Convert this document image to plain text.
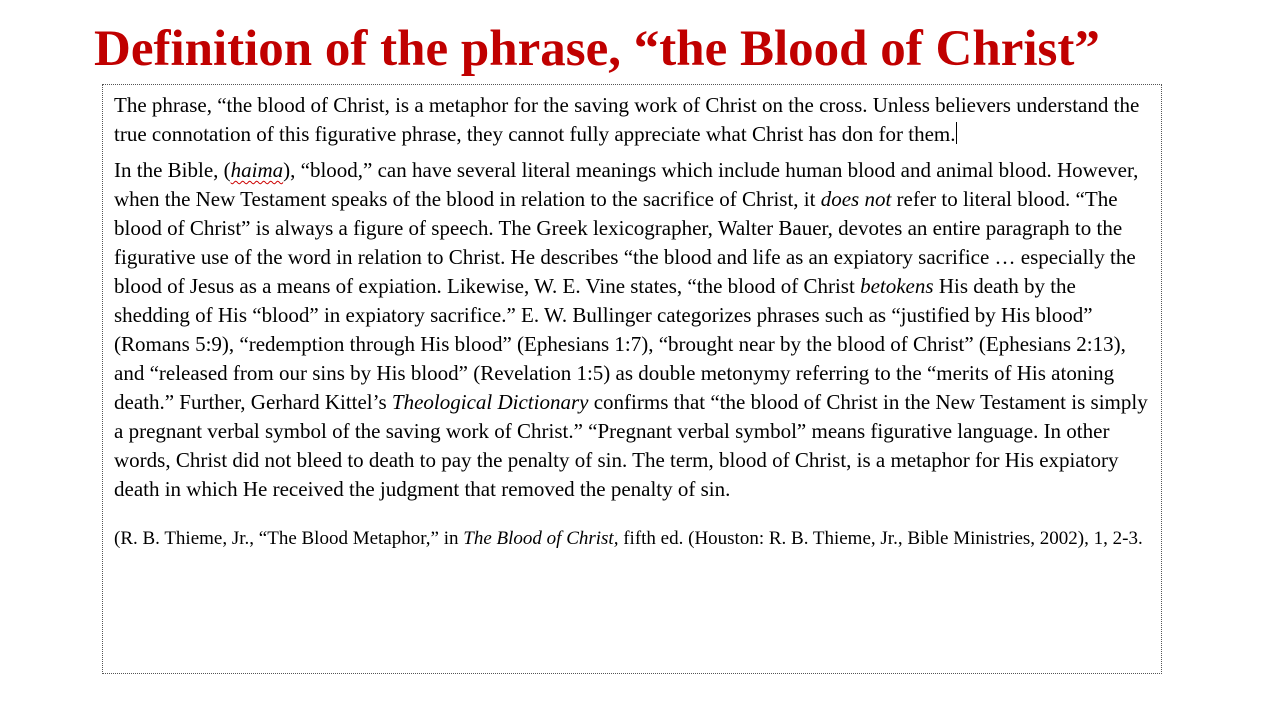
Definition of the phrase, “the Blood of Christ”

The phrase, “the blood of Christ, is a metaphor for the saving work of Christ on the cross. Unless believers understand the true connotation of this figurative phrase, they cannot fully appreciate what Christ has don for them.

In the Bible, (haima), “blood,” can have several literal meanings which include human blood and animal blood. However, when the New Testament speaks of the blood in relation to the sacrifice of Christ, it does not refer to literal blood. “The blood of Christ” is always a figure of speech. The Greek lexicographer, Walter Bauer, devotes an entire paragraph to the figurative use of the word in relation to Christ. He describes “the blood and life as an expiatory sacrifice … especially the blood of Jesus as a means of expiation. Likewise, W. E. Vine states, “the blood of Christ betokens His death by the shedding of His “blood” in expiatory sacrifice.” E. W. Bullinger categorizes phrases such as “justified by His blood” (Romans 5:9), “redemption through His blood” (Ephesians 1:7), “brought near by the blood of Christ” (Ephesians 2:13), and “released from our sins by His blood” (Revelation 1:5) as double metonymy referring to the “merits of His atoning death.” Further, Gerhard Kittel’s Theological Dictionary confirms that “the blood of Christ in the New Testament is simply a pregnant verbal symbol of the saving work of Christ.” “Pregnant verbal symbol” means figurative language. In other words, Christ did not bleed to death to pay the penalty of sin. The term, blood of Christ, is a metaphor for His expiatory death in which He received the judgment that removed the penalty of sin.

(R. B. Thieme, Jr., “The Blood Metaphor,” in The Blood of Christ, fifth ed. (Houston: R. B. Thieme, Jr., Bible Ministries, 2002), 1, 2-3.
